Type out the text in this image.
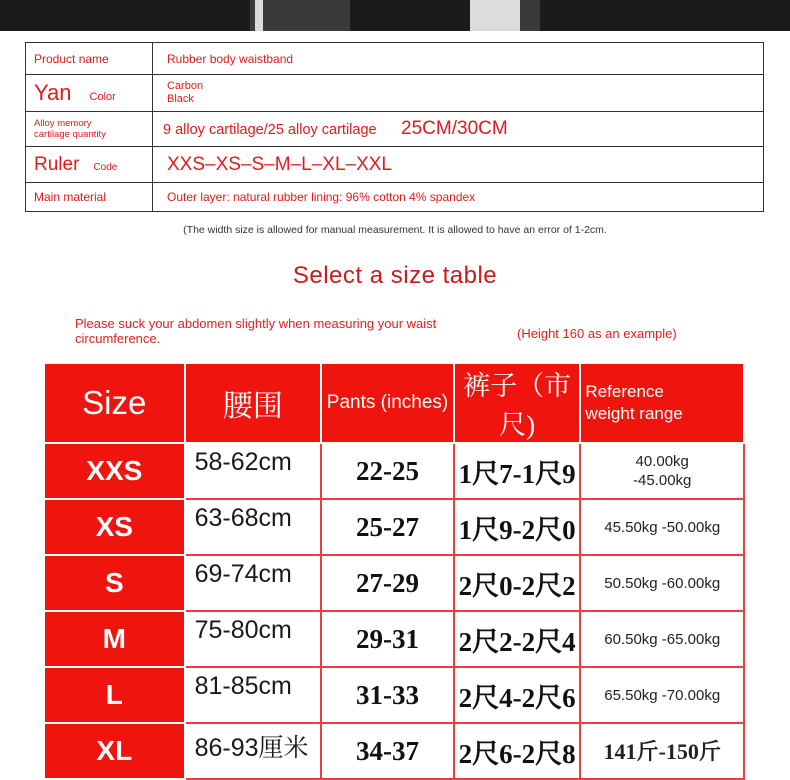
Product name	Rubber body waistband
Yan Color	Carbon
Black

Alloy memory
cartilage quantity	9 alloy cartilage/25 alloy cartilage 25CM/30CM
Ruler Code	XXS–XS–S–M–L–XL–XXL
Main material	Outer layer: natural rubber lining: 96% cotton 4% spandex
(The width size is allowed for manual measurement. It is allowed to have an error of 1-2cm.
Select a size table
Please suck your abdomen slightly when measuring your waist circumference.	(Height 160 as an example)
Size	腰围	Pants (inches)	裤子（市尺)	Reference
weight range

XXS	58-62cm	22-25	1尺7-1尺9	40.00kg
-45.00kg

XS	63-68cm	25-27	1尺9-2尺0	45.50kg -50.00kg
S	69-74cm	27-29	2尺0-2尺2	50.50kg -60.00kg
M	75-80cm	29-31	2尺2-2尺4	60.50kg -65.00kg
L	81-85cm	31-33	2尺4-2尺6	65.50kg -70.00kg
XL	86-93厘米	34-37	2尺6-2尺8	141斤-150斤
